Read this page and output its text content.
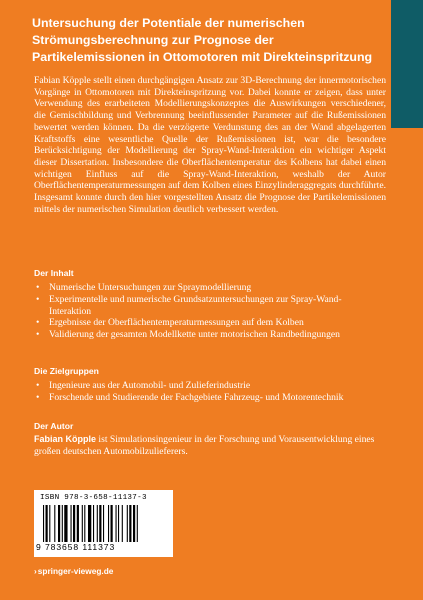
Untersuchung der Potentiale der numerischen Strömungsberechnung zur Prognose der Partikelemissionen in Ottomotoren mit Direkteinspritzung

Fabian Köpple stellt einen durchgängigen Ansatz zur 3D-Berechnung der innermotorischen Vorgänge in Ottomotoren mit Direkteinspritzung vor. Dabei konnte er zeigen, dass unter Verwendung des erarbeiteten Modellierungskonzeptes die Auswirkungen verschiedener, die Gemischbildung und Verbrennung beeinflussender Parameter auf die Rußemissionen bewertet werden können. Da die verzögerte Verdunstung des an der Wand abgelagerten Kraftstoffs eine wesentliche Quelle der Rußemissionen ist, war die besondere Berücksichtigung der Modellierung der Spray-Wand-Interaktion ein wichtiger Aspekt dieser Dissertation. Insbesondere die Oberflächentemperatur des Kolbens hat dabei einen wichtigen Einfluss auf die Spray-Wand-Interaktion, weshalb der Autor Oberflächentemperaturmessungen auf dem Kolben eines Einzylinderaggregats durchführte. Insgesamt konnte durch den hier vorgestellten Ansatz die Prognose der Partikelemissionen mittels der numerischen Simulation deutlich verbessert werden.

Der Inhalt
• Numerische Untersuchungen zur Spraymodellierung
• Experimentelle und numerische Grundsatzuntersuchungen zur Spray-Wand-Interaktion
• Ergebnisse der Oberflächentemperaturmessungen auf dem Kolben
• Validierung der gesamten Modellkette unter motorischen Randbedingungen
Die Zielgruppen
• Ingenieure aus der Automobil- und Zulieferindustrie
• Forschende und Studierende der Fachgebiete Fahrzeug- und Motorentechnik
Der Autor

Fabian Köpple ist Simulationsingenieur in der Forschung und Vorausentwicklung eines großen deutschen Automobilzulieferers.

ISBN 978-3-658-11137-3
9 783658 111373
›springer-vieweg.de
